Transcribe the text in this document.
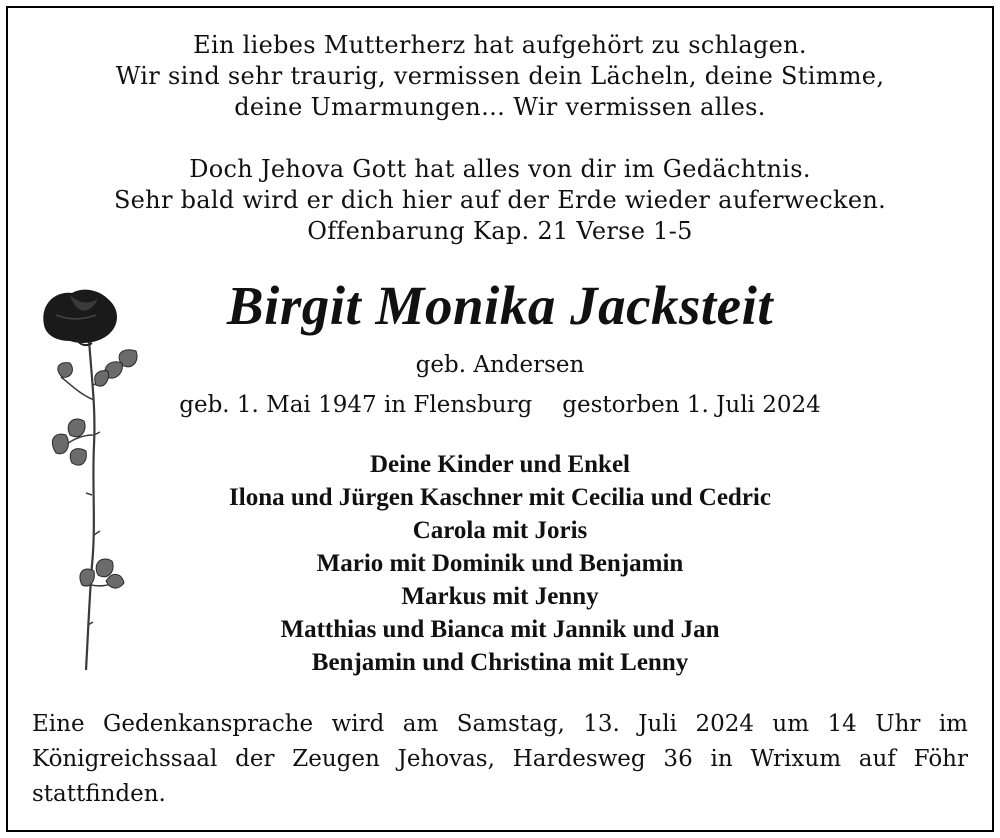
Ein liebes Mutterherz hat aufgehört zu schlagen.
Wir sind sehr traurig, vermissen dein Lächeln, deine Stimme,
deine Umarmungen… Wir vermissen alles.
Doch Jehova Gott hat alles von dir im Gedächtnis.
Sehr bald wird er dich hier auf der Erde wieder auferwecken.
Offenbarung Kap. 21 Verse 1-5
Birgit Monika Jacksteit
geb. Andersen
geb. 1. Mai 1947 in Flensburg gestorben 1. Juli 2024
Deine Kinder und Enkel
Ilona und Jürgen Kaschner mit Cecilia und Cedric
Carola mit Joris
Mario mit Dominik und Benjamin
Markus mit Jenny
Matthias und Bianca mit Jannik und Jan
Benjamin und Christina mit Lenny
Eine Gedenkansprache wird am Samstag, 13. Juli 2024 um 14 Uhr im
Königreichssaal der Zeugen Jehovas, Hardesweg 36 in Wrixum auf Föhr
stattfinden.
